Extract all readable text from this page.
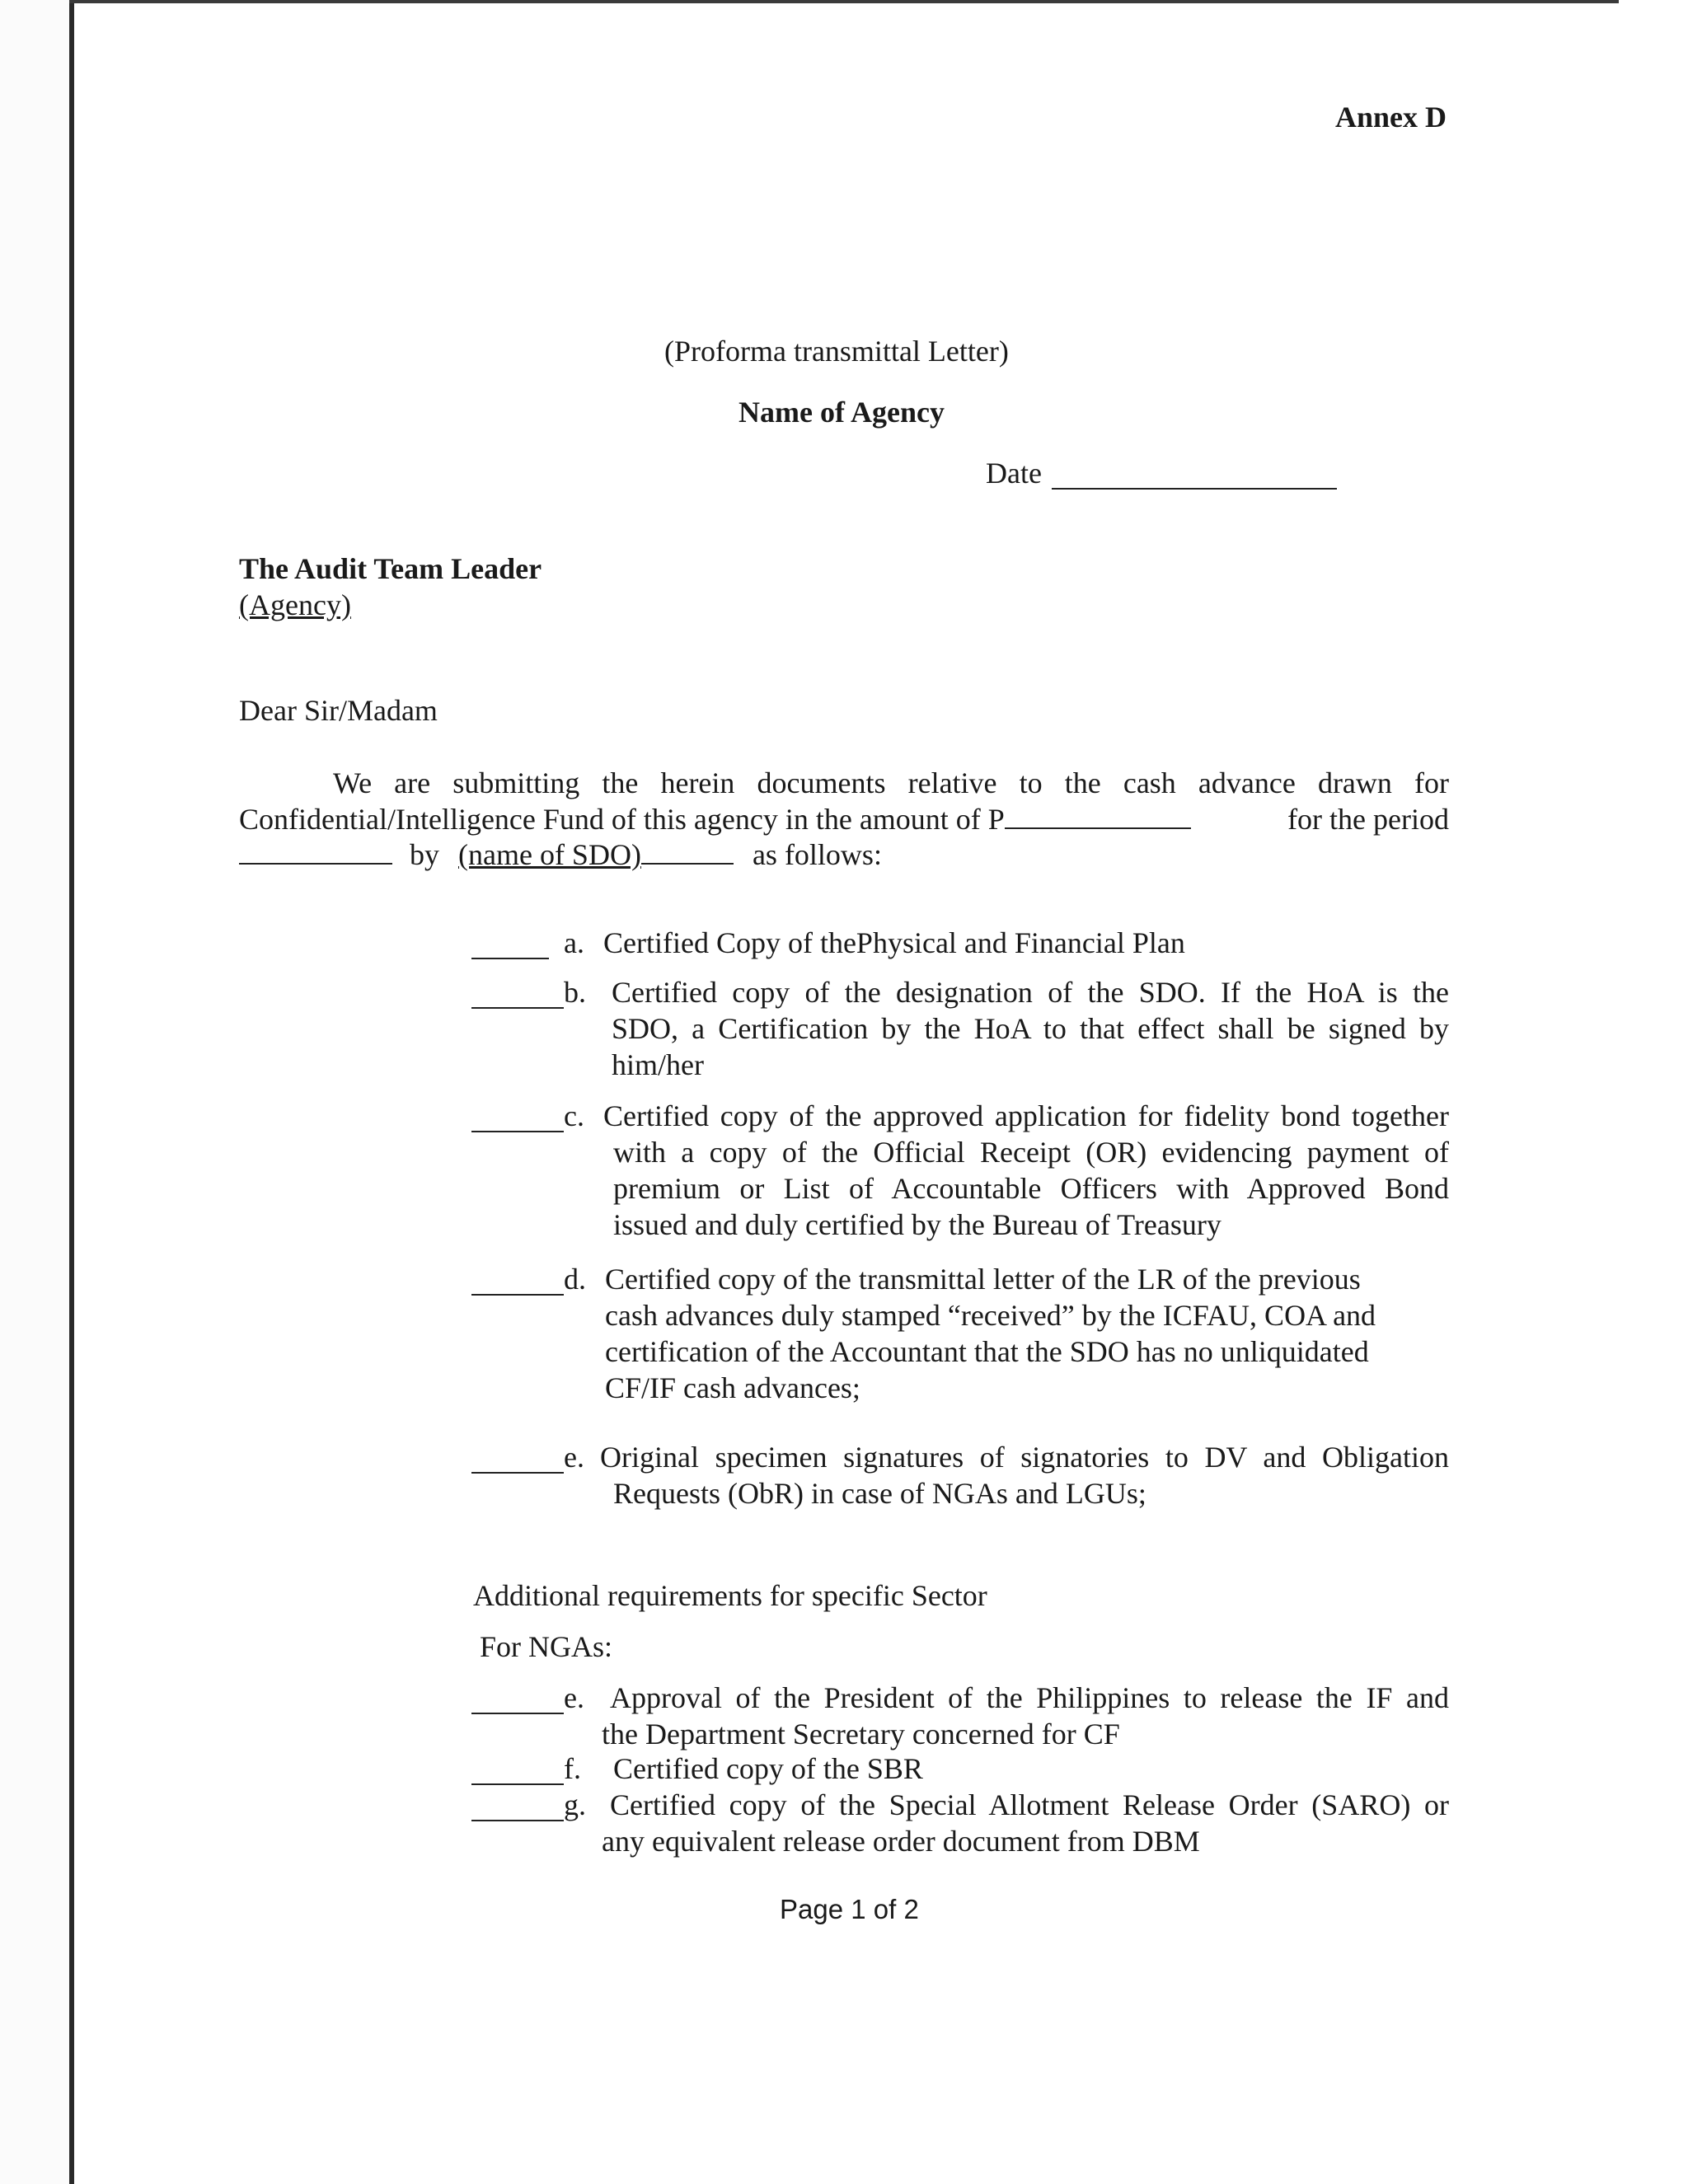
Annex D
(Proforma transmittal Letter)
Name of Agency
Date
The Audit Team Leader
(Agency)
Dear Sir/Madam
We are submitting the herein documents relative to the cash advance drawn for
Confidential/Intelligence Fund of this agency in the amount of P	for the period
by (name of SDO)	as follows:
a. Certified Copy of thePhysical and Financial Plan
b. Certified copy of the designation of the SDO. If the HoA is the
SDO, a Certification by the HoA to that effect shall be signed by
him/her
c. Certified copy of the approved application for fidelity bond together
with a copy of the Official Receipt (OR) evidencing payment of
premium or List of Accountable Officers with Approved Bond
issued and duly certified by the Bureau of Treasury
d. Certified copy of the transmittal letter of the LR of the previous
cash advances duly stamped “received” by the ICFAU, COA and
certification of the Accountant that the SDO has no unliquidated
CF/IF cash advances;
e. Original specimen signatures of signatories to DV and Obligation
Requests (ObR) in case of NGAs and LGUs;
Additional requirements for specific Sector
For NGAs:
e. Approval of the President of the Philippines to release the IF and
the Department Secretary concerned for CF
f. Certified copy of the SBR
g. Certified copy of the Special Allotment Release Order (SARO) or
any equivalent release order document from DBM
Page 1 of 2
